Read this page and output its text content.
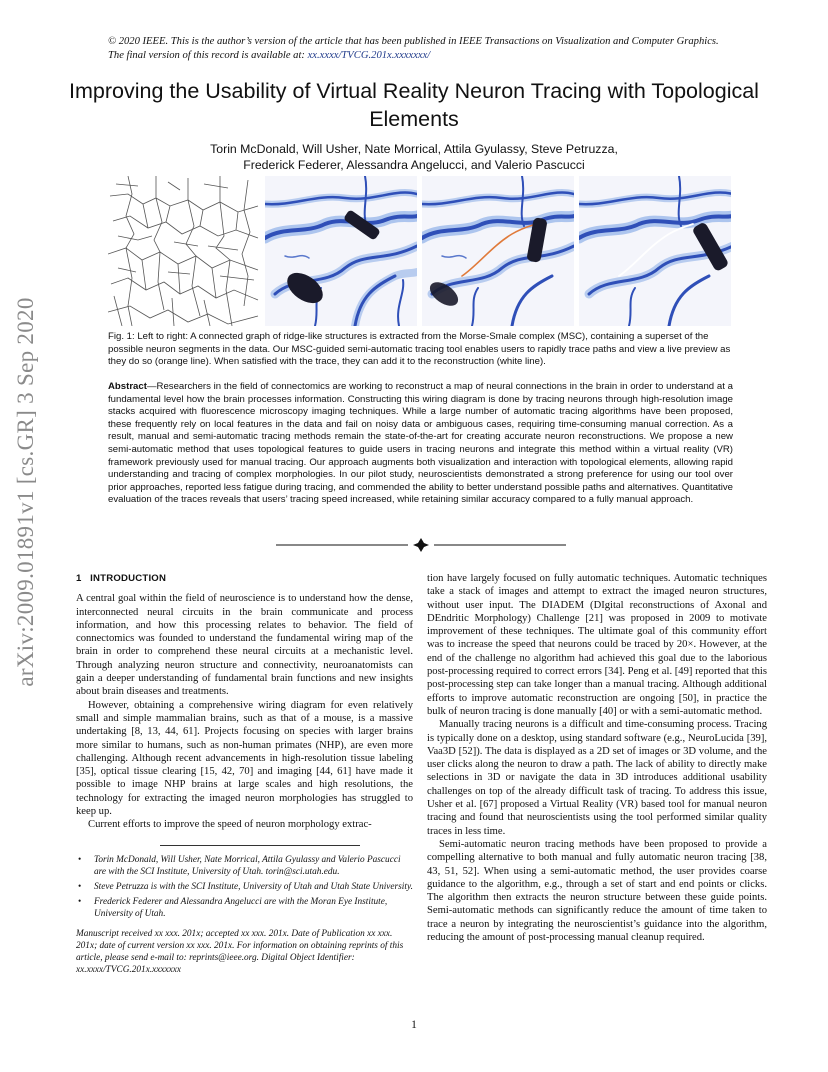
© 2020 IEEE. This is the author’s version of the article that has been published in IEEE Transactions on Visualization and Computer Graphics. The final version of this record is available at: xx.xxxx/TVCG.201x.xxxxxxx/
Improving the Usability of Virtual Reality Neuron Tracing with Topological Elements
Torin McDonald, Will Usher, Nate Morrical, Attila Gyulassy, Steve Petruzza,
Frederick Federer, Alessandra Angelucci, and Valerio Pascucci
arXiv:2009.01891v1 [cs.GR] 3 Sep 2020	Fig. 1: Left to right: A connected graph of ridge-like structures is extracted from the Morse-Smale complex (MSC), containing a superset of the possible neuron segments in the data. Our MSC-guided semi-automatic tracing tool enables users to rapidly trace paths and view a live preview as they do so (orange line). When satisfied with the trace, they can add it to the reconstruction (white line).
Abstract—Researchers in the field of connectomics are working to reconstruct a map of neural connections in the brain in order to understand at a fundamental level how the brain processes information. Constructing this wiring diagram is done by tracing neurons through high-resolution image stacks acquired with fluorescence microscopy imaging techniques. While a large number of automatic tracing algorithms have been proposed, these frequently rely on local features in the data and fail on noisy data or ambiguous cases, requiring time-consuming manual correction. As a result, manual and semi-automatic tracing methods remain the state-of-the-art for creating accurate neuron reconstructions. We propose a new semi-automatic method that uses topological features to guide users in tracing neurons and integrate this method within a virtual reality (VR) framework previously used for manual tracing. Our approach augments both visualization and interaction with topological elements, allowing rapid understanding and tracing of complex morphologies. In our pilot study, neuroscientists demonstrated a strong preference for using our tool over prior approaches, reported less fatigue during tracing, and commended the ability to better understand possible paths and alternatives. Quantitative evaluation of the traces reveals that users’ tracing speed increased, while retaining similar accuracy compared to a fully manual approach.
1 INTRODUCTION

A central goal within the field of neuroscience is to understand how the dense, interconnected neural circuits in the brain communicate and process information, and how this processing relates to behavior. The field of connectomics was founded to understand the fundamental wiring map of the brain in order to comprehend these neural circuits at a mechanistic level. Through analyzing neuron structure and connectivity, neuroanatomists can gain a deeper understanding of fundamental brain functions and new insights about brain diseases and treatments.

However, obtaining a comprehensive wiring diagram for even relatively small and simple mammalian brains, such as that of a mouse, is a massive undertaking [8, 13, 44, 61]. Projects focusing on species with larger brains more similar to humans, such as non-human primates (NHP), are even more challenging. Although recent advancements in high-resolution tissue labeling [35], optical tissue clearing [15, 42, 70] and imaging [44, 61] have made it possible to image NHP brains at large scales and high resolutions, the technology for extracting the imaged neuron morphologies has struggled to keep up.

Current efforts to improve the speed of neuron morphology extrac-

• Torin McDonald, Will Usher, Nate Morrical, Attila Gyulassy and Valerio Pascucci are with the SCI Institute, University of Utah. torin@sci.utah.edu.
• Steve Petruzza is with the SCI Institute, University of Utah and Utah State University.
• Frederick Federer and Alessandra Angelucci are with the Moran Eye Institute, University of Utah.
Manuscript received xx xxx. 201x; accepted xx xxx. 201x. Date of Publication xx xxx. 201x; date of current version xx xxx. 201x. For information on obtaining reprints of this article, please send e-mail to: reprints@ieee.org. Digital Object Identifier: xx.xxxx/TVCG.201x.xxxxxxx

tion have largely focused on fully automatic techniques. Automatic techniques take a stack of images and attempt to extract the imaged neuron structures, without user input. The DIADEM (DIgital reconstructions of Axonal and DEndritic Morphology) Challenge [21] was proposed in 2009 to motivate improvement of these techniques. The ultimate goal of this community effort was to increase the speed that neurons could be traced by 20×. However, at the end of the challenge no algorithm had achieved this goal due to the laborious post-processing required to correct errors [34]. Peng et al. [49] reported that this post-processing step can take longer than a manual tracing. Although additional efforts to improve automatic reconstruction are ongoing [50], in practice the bulk of neuron tracing is done manually [40] or with a semi-automatic method.

Manually tracing neurons is a difficult and time-consuming process. Tracing is typically done on a desktop, using standard software (e.g., NeuroLucida [39], Vaa3D [52]). The data is displayed as a 2D set of images or 3D volume, and the user clicks along the neuron to draw a path. The lack of ability to directly make selections in 3D or navigate the data in 3D introduces additional usability challenges on top of the already difficult task of tracing. To address this issue, Usher et al. [67] proposed a Virtual Reality (VR) based tool for manual neuron tracing and found that neuroscientists using the tool performed similar quality traces in less time.

Semi-automatic neuron tracing methods have been proposed to provide a compelling alternative to both manual and fully automatic neuron tracing [38, 43, 51, 52]. When using a semi-automatic method, the user provides coarse guidance to the algorithm, e.g., through a set of start and end points or clicks. The algorithm then extracts the neuron structure between these guide points. Semi-automatic methods can significantly reduce the amount of time taken to trace a neuron by integrating the neuroscientist’s guidance into the algorithm, reducing the amount of post-processing manual cleanup required.

1
